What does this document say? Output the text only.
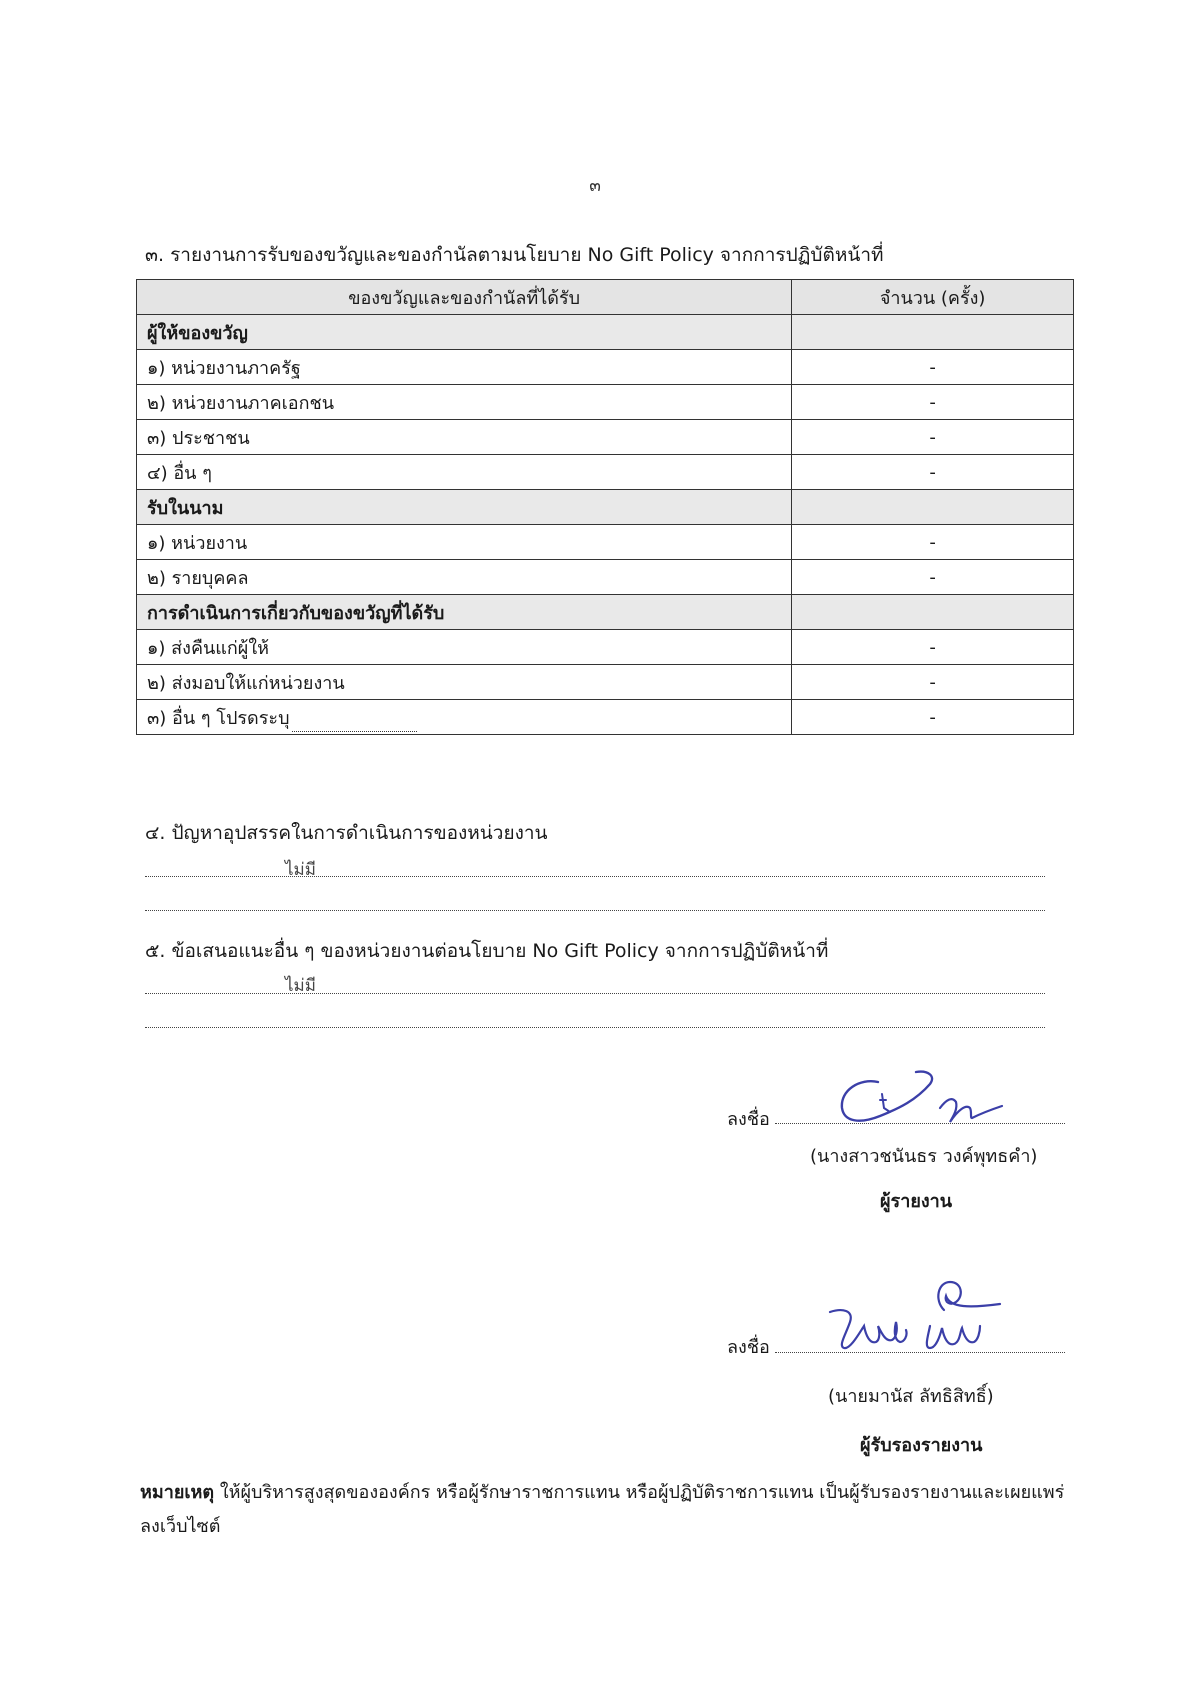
๓
๓. รายงานการรับของขวัญและของกำนัลตามนโยบาย No Gift Policy จากการปฏิบัติหน้าที่
ของขวัญและของกำนัลที่ได้รับ	จำนวน (ครั้ง)
ผู้ให้ของขวัญ	
๑) หน่วยงานภาครัฐ	-
๒) หน่วยงานภาคเอกชน	-
๓) ประชาชน	-
๔) อื่น ๆ	-
รับในนาม	
๑) หน่วยงาน	-
๒) รายบุคคล	-
การดำเนินการเกี่ยวกับของขวัญที่ได้รับ	
๑) ส่งคืนแก่ผู้ให้	-
๒) ส่งมอบให้แก่หน่วยงาน	-
๓) อื่น ๆ โปรดระบุ	-
๔. ปัญหาอุปสรรคในการดำเนินการของหน่วยงาน
ไม่มี
๕. ข้อเสนอแนะอื่น ๆ ของหน่วยงานต่อนโยบาย No Gift Policy จากการปฏิบัติหน้าที่
ไม่มี
ลงชื่อ
(นางสาวชนันธร วงค์พุทธคำ)
ผู้รายงาน
ลงชื่อ
(นายมานัส ลัทธิสิทธิ์)
ผู้รับรองรายงาน
หมายเหตุ ให้ผู้บริหารสูงสุดขององค์กร หรือผู้รักษาราชการแทน หรือผู้ปฏิบัติราชการแทน เป็นผู้รับรองรายงานและเผยแพร่ลงเว็บไซต์
